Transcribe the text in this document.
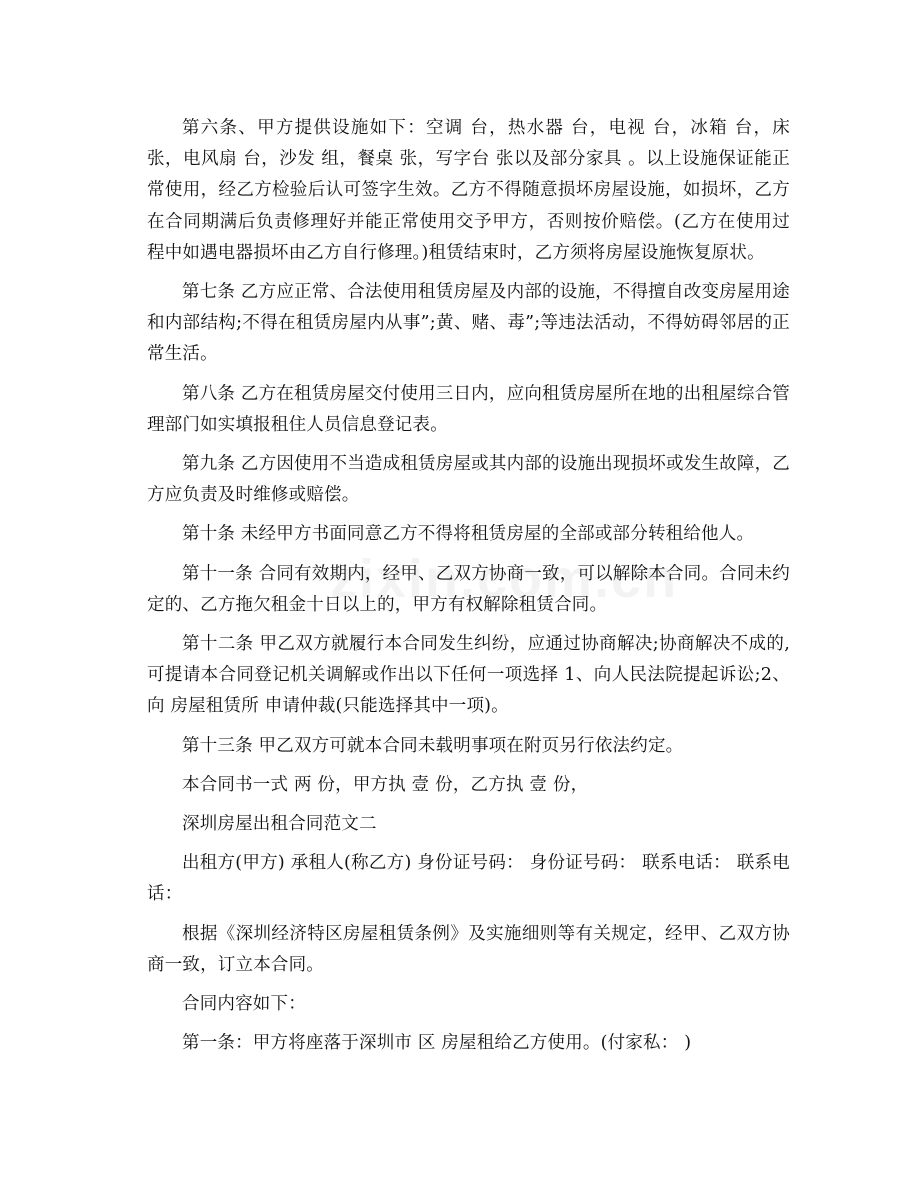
第六条、甲方提供设施如下：空调 台，热水器 台，电视 台，冰箱 台，床 张，电风扇 台，沙发 组，餐桌 张，写字台 张以及部分家具 。以上设施保证能正常使用，经乙方检验后认可签字生效。乙方不得随意损坏房屋设施，如损坏，乙方在合同期满后负责修理好并能正常使用交予甲方，否则按价赔偿。(乙方在使用过程中如遇电器损坏由乙方自行修理。)租赁结束时，乙方须将房屋设施恢复原状。

第七条 乙方应正常、合法使用租赁房屋及内部的设施，不得擅自改变房屋用途和内部结构;不得在租赁房屋内从事”;黄、赌、毒”;等违法活动，不得妨碍邻居的正常生活。

第八条 乙方在租赁房屋交付使用三日内，应向租赁房屋所在地的出租屋综合管理部门如实填报租住人员信息登记表。

第九条 乙方因使用不当造成租赁房屋或其内部的设施出现损坏或发生故障，乙方应负责及时维修或赔偿。

第十条 未经甲方书面同意乙方不得将租赁房屋的全部或部分转租给他人。

第十一条 合同有效期内，经甲、乙双方协商一致，可以解除本合同。合同未约定的、乙方拖欠租金十日以上的，甲方有权解除租赁合同。

第十二条 甲乙双方就履行本合同发生纠纷，应通过协商解决;协商解决不成的,可提请本合同登记机关调解或作出以下任何一项选择 1、向人民法院提起诉讼;2、向 房屋租赁所 申请仲裁(只能选择其中一项)。

第十三条 甲乙双方可就本合同未载明事项在附页另行依法约定。

本合同书一式 两 份，甲方执 壹 份，乙方执 壹 份，

深圳房屋出租合同范文二

出租方(甲方) 承租人(称乙方) 身份证号码： 身份证号码： 联系电话： 联系电话：

根据《深圳经济特区房屋租赁条例》及实施细则等有关规定，经甲、乙双方协商一致，订立本合同。

合同内容如下：

第一条：甲方将座落于深圳市 区 房屋租给乙方使用。(付家私： )
